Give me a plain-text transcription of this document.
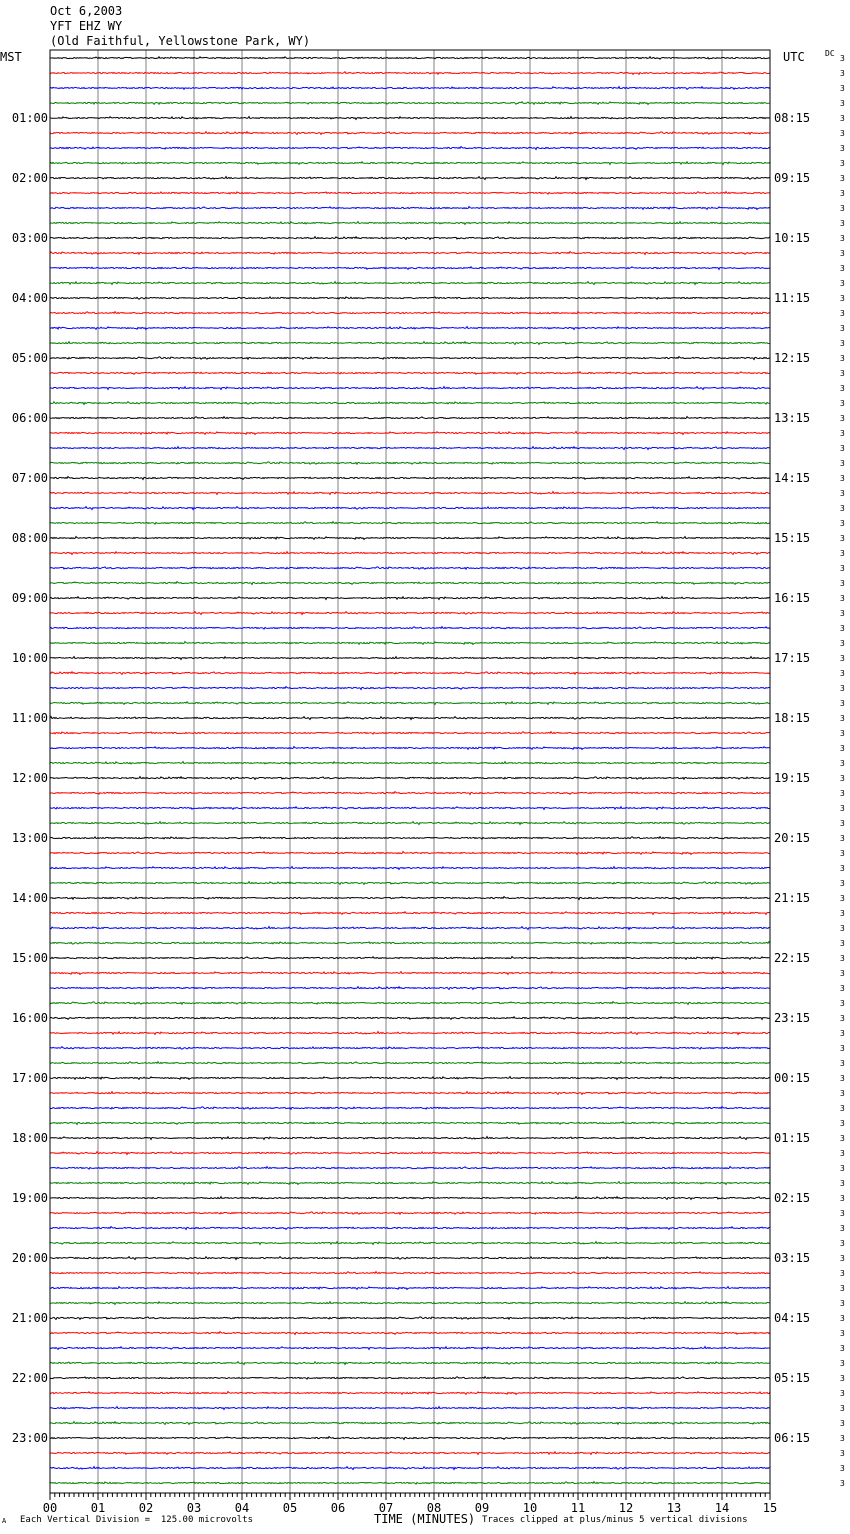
Oct 6,2003
YFT EHZ WY
(Old Faithful, Yellowstone Park, WY)
00	01	02	03	04	05	06	07	08	09	10	11	12	13	14	15
01:00
02:00
03:00
04:00
05:00
06:00
07:00
08:00
09:00
10:00
11:00
12:00
13:00
14:00
15:00
16:00
17:00
18:00
19:00
20:00
21:00
22:00
23:00
08:15
09:15
10:15
11:15
12:15
13:15
14:15
15:15
16:15
17:15
18:15
19:15
20:15
21:15
22:15
23:15
00:15
01:15
02:15
03:15
04:15
05:15
06:15
3
3
3
3
3
3
3
3
3
3
3
3
3
3
3
3
3
3
3
3
3
3
3
3
3
3
3
3
3
3
3
3
3
3
3
3
3
3
3
3
3
3
3
3
3
3
3
3
3
3
3
3
3
3
3
3
3
3
3
3
3
3
3
3
3
3
3
3
3
3
3
3
3
3
3
3
3
3
3
3
3
3
3
3
3
3
3
3
3
3
3
3
3
3
3
3
MST	UTC	DC
TIME (MINUTES)
A Each Vertical Division =  125.00 microvolts	Traces clipped at plus/minus 5 vertical divisions
